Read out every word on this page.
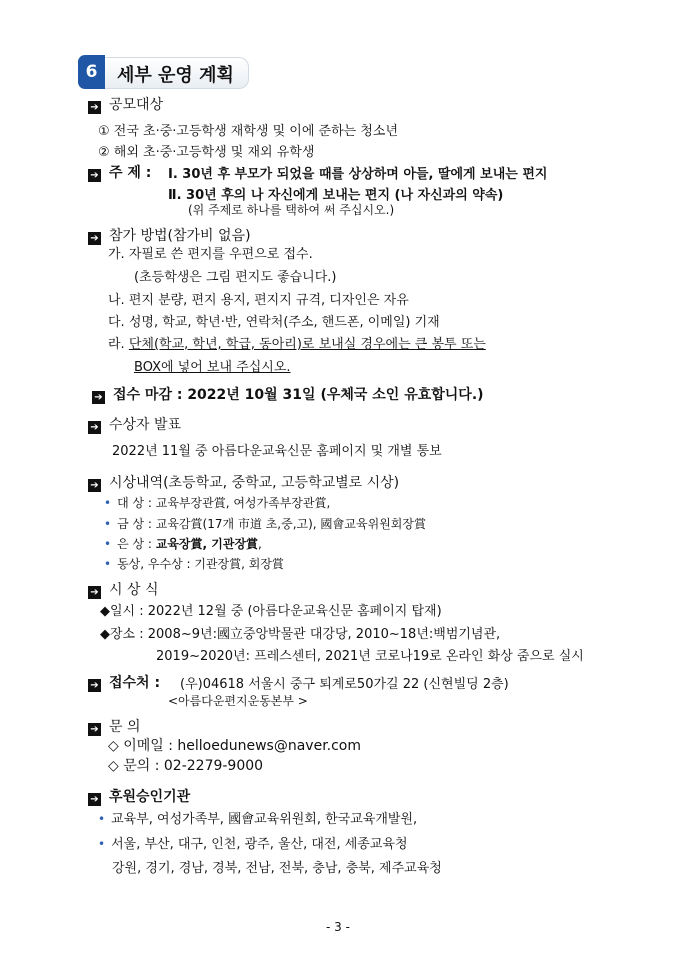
6	세부 운영 계획
➔ 공모대상
① 전국 초·중·고등학생 재학생 및 이에 준하는 청소년
② 해외 초·중·고등학생 및 재외 유학생
➔ 주 제 : Ⅰ. 30년 후 부모가 되었을 때를 상상하며 아들, 딸에게 보내는 편지
Ⅱ. 30년 후의 나 자신에게 보내는 편지 (나 자신과의 약속)
(위 주제로 하나를 택하여 써 주십시오.)
➔ 참가 방법(참가비 없음)
가. 자필로 쓴 편지를 우편으로 접수.
(초등학생은 그림 편지도 좋습니다.)
나. 편지 분량, 편지 용지, 편지지 규격, 디자인은 자유
다. 성명, 학교, 학년·반, 연락처(주소, 핸드폰, 이메일) 기재
라. 단체(학교, 학년, 학급, 동아리)로 보내실 경우에는 큰 봉투 또는
BOX에 넣어 보내 주십시오.
➔ 접수 마감 : 2022년 10월 31일 (우체국 소인 유효합니다.)
➔ 수상자 발표
2022년 11월 중 아름다운교육신문 홈페이지 및 개별 통보
➔ 시상내역(초등학교, 중학교, 고등학교별로 시상)
• 대 상 : 교육부장관賞, 여성가족부장관賞,
• 금 상 : 교육감賞(17개 市道 초,중,고), 國會교육위원회장賞
• 은 상 : 교육장賞, 기관장賞,
• 동상, 우수상 : 기관장賞, 회장賞
➔ 시 상 식
◆일시 : 2022년 12월 중 (아름다운교육신문 홈페이지 탑재)
◆장소 : 2008~9년:國立중앙박물관 대강당, 2010~18년:백범기념관,
2019~2020년: 프레스센터, 2021년 코로나19로 온라인 화상 줌으로 실시
➔ 접수처 : (우)04618 서울시 중구 퇴계로50가길 22 (신현빌딩 2층)
<아름다운편지운동본부 >
➔ 문 의
◇ 이메일 : helloedunews@naver.com
◇ 문의 : 02-2279-9000
➔ 후원승인기관
• 교육부, 여성가족부, 國會교육위원회, 한국교육개발원,
• 서울, 부산, 대구, 인천, 광주, 울산, 대전, 세종교육청
강원, 경기, 경남, 경북, 전남, 전북, 충남, 충북, 제주교육청
- 3 -
